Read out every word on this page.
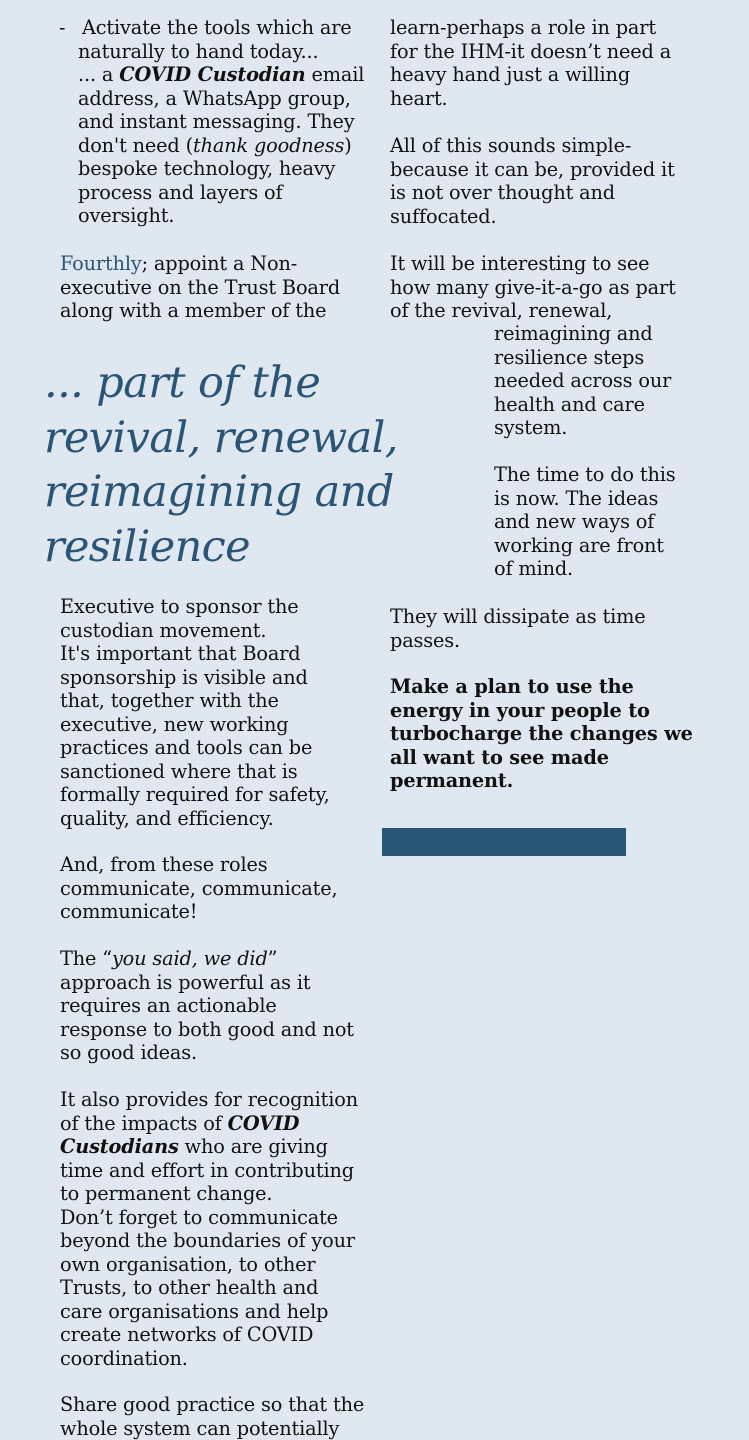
- Activate the tools which are
naturally to hand today...
... a COVID Custodian email
address, a WhatsApp group,
and instant messaging. They
don't need (thank goodness)
bespoke technology, heavy
process and layers of
oversight.
Fourthly; appoint a Non-
executive on the Trust Board
along with a member of the
... part of the
revival, renewal,
reimagining and
resilience
Executive to sponsor the
custodian movement.
It's important that Board
sponsorship is visible and
that, together with the
executive, new working
practices and tools can be
sanctioned where that is
formally required for safety,
quality, and efficiency.
And, from these roles
communicate, communicate,
communicate!
The “you said, we did”
approach is powerful as it
requires an actionable
response to both good and not
so good ideas.
It also provides for recognition
of the impacts of COVID
Custodians who are giving
time and effort in contributing
to permanent change.
Don’t forget to communicate
beyond the boundaries of your
own organisation, to other
Trusts, to other health and
care organisations and help
create networks of COVID
coordination.
Share good practice so that the
whole system can potentially
learn-perhaps a role in part
for the IHM-it doesn’t need a
heavy hand just a willing
heart.
All of this sounds simple-
because it can be, provided it
is not over thought and
suffocated.
It will be interesting to see
how many give-it-a-go as part
of the revival, renewal,
reimagining and
resilience steps
needed across our
health and care
system.
The time to do this
is now. The ideas
and new ways of
working are front
of mind.
They will dissipate as time
passes.
Make a plan to use the
energy in your people to
turbocharge the changes we
all want to see made
permanent.
